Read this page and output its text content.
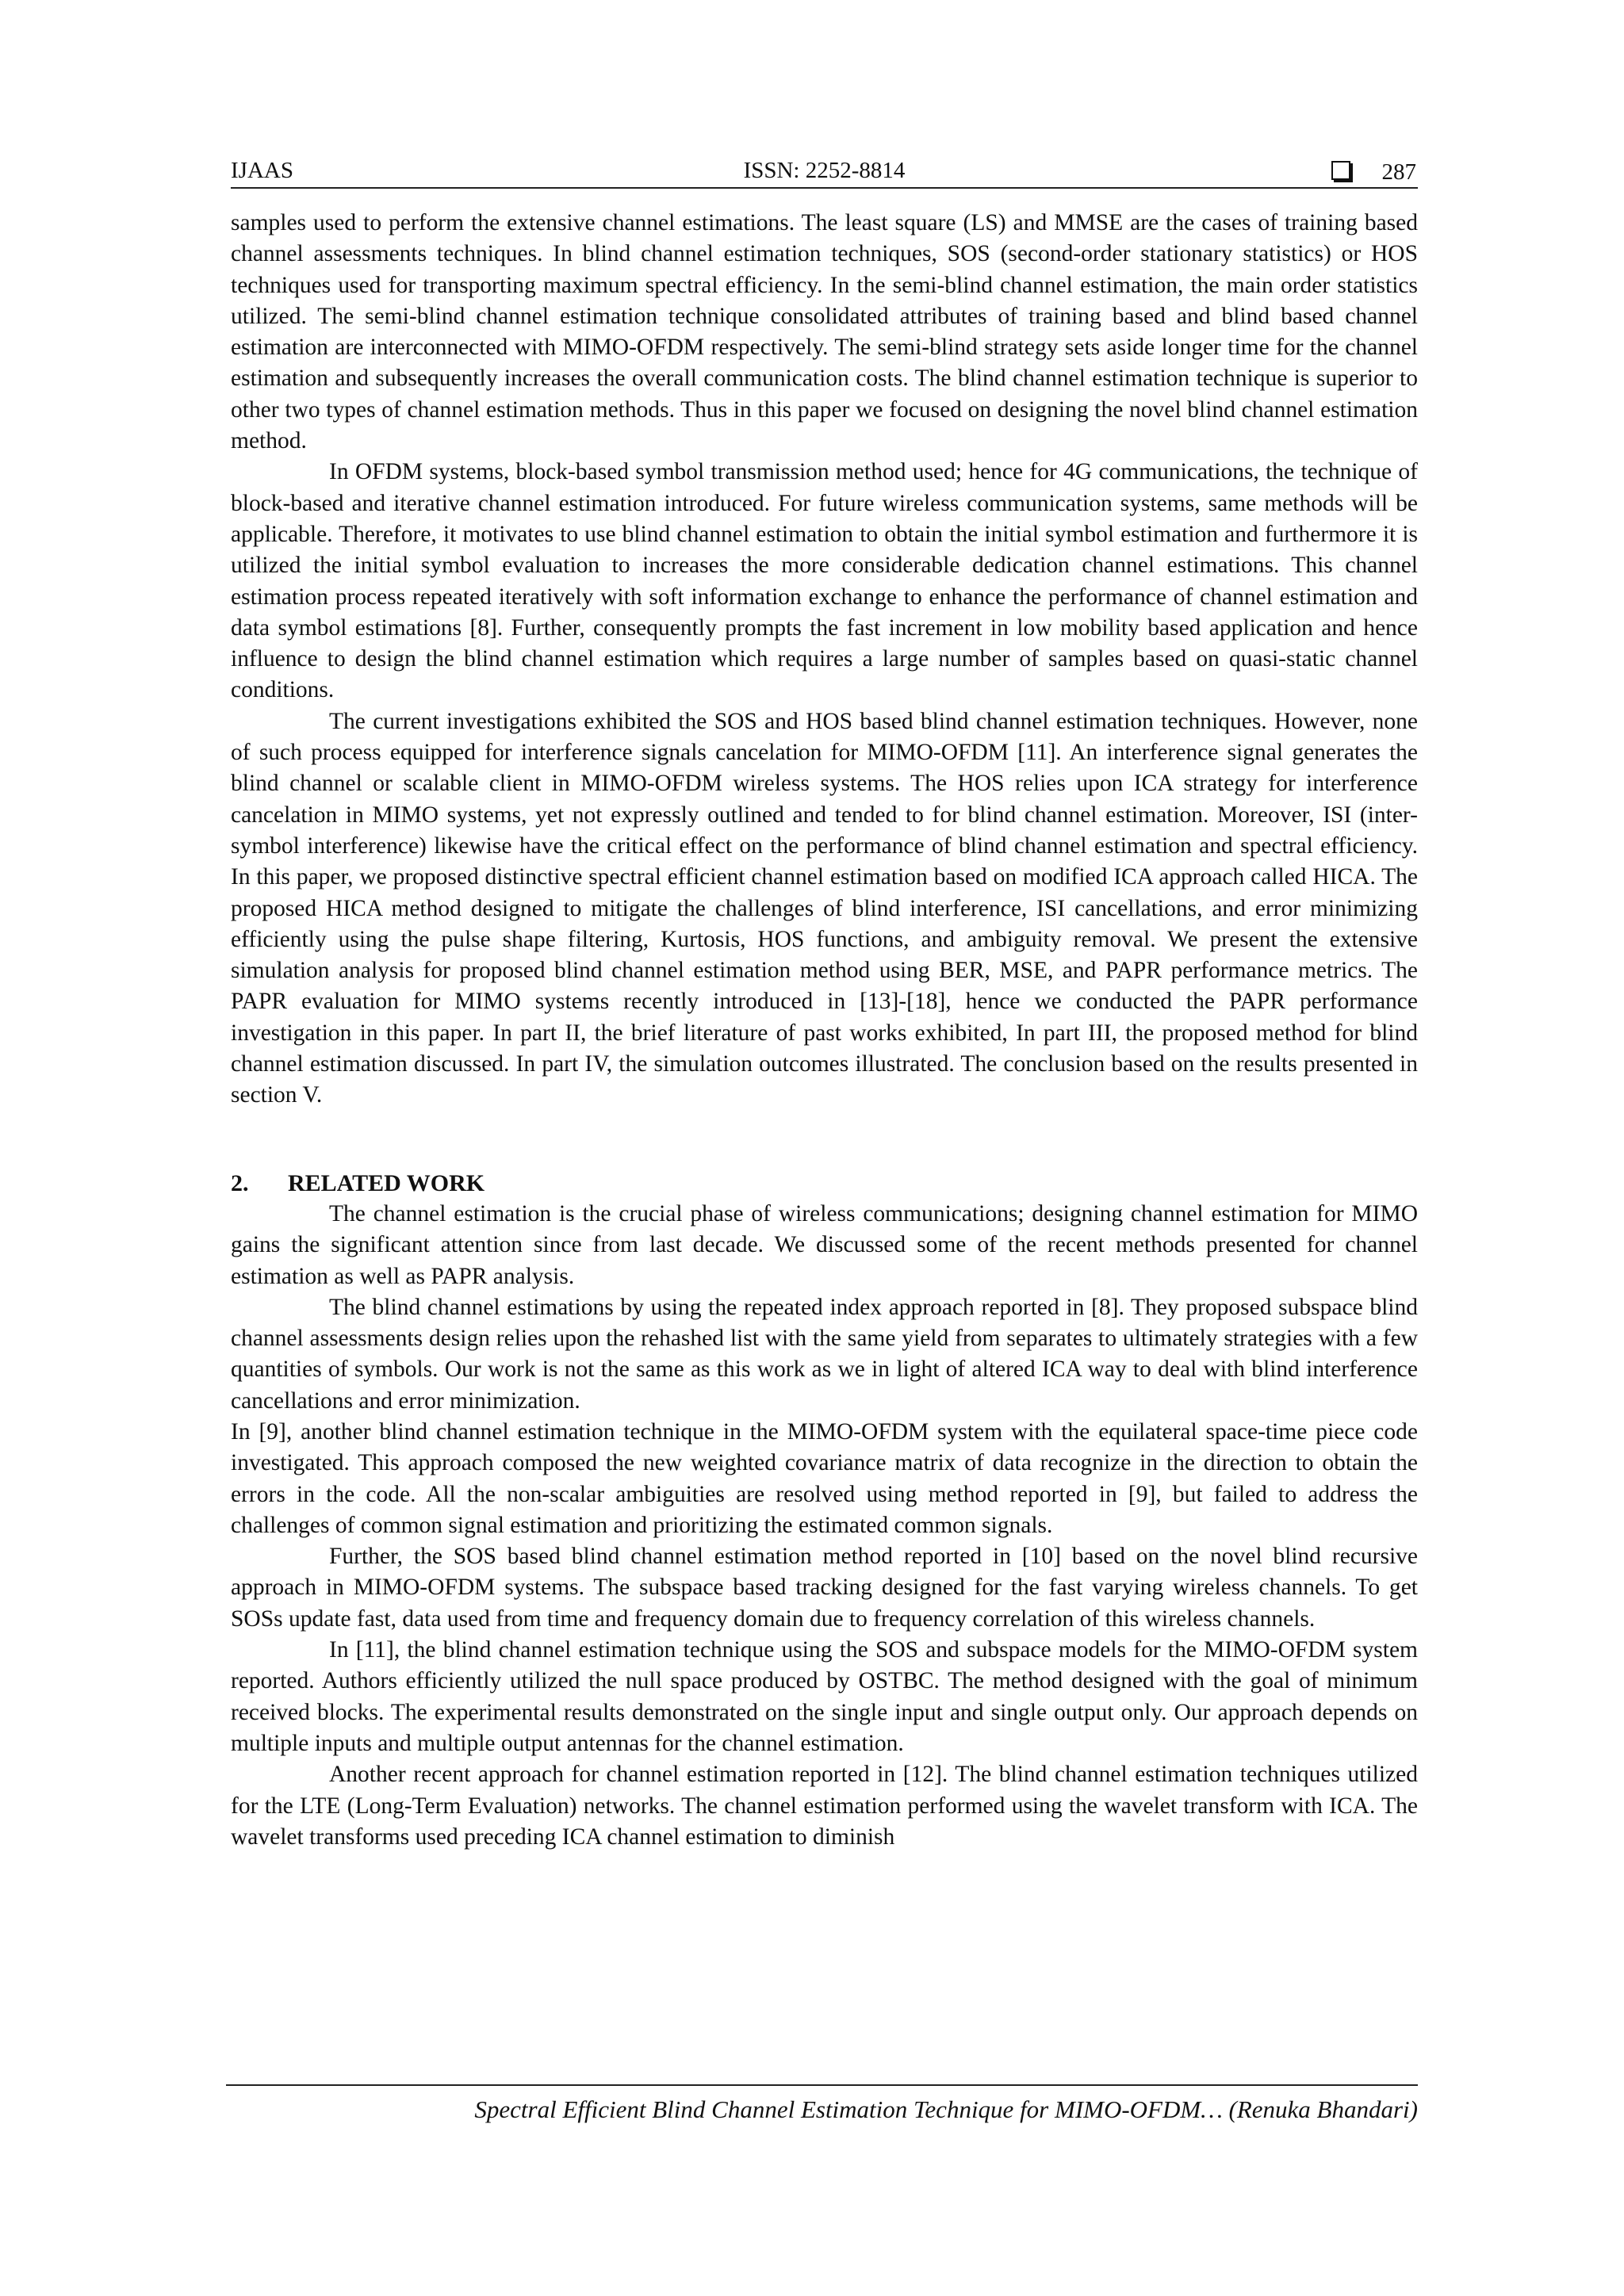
IJAAS	ISSN: 2252-8814	287

samples used to perform the extensive channel estimations. The least square (LS) and MMSE are the cases of training based channel assessments techniques. In blind channel estimation techniques, SOS (second-order stationary statistics) or HOS techniques used for transporting maximum spectral efficiency. In the semi-blind channel estimation, the main order statistics utilized. The semi-blind channel estimation technique consolidated attributes of training based and blind based channel estimation are interconnected with MIMO-OFDM respectively. The semi-blind strategy sets aside longer time for the channel estimation and subsequently increases the overall communication costs. The blind channel estimation technique is superior to other two types of channel estimation methods. Thus in this paper we focused on designing the novel blind channel estimation method.

In OFDM systems, block-based symbol transmission method used; hence for 4G communications, the technique of block-based and iterative channel estimation introduced. For future wireless communication systems, same methods will be applicable. Therefore, it motivates to use blind channel estimation to obtain the initial symbol estimation and furthermore it is utilized the initial symbol evaluation to increases the more considerable dedication channel estimations. This channel estimation process repeated iteratively with soft information exchange to enhance the performance of channel estimation and data symbol estimations [8]. Further, consequently prompts the fast increment in low mobility based application and hence influence to design the blind channel estimation which requires a large number of samples based on quasi-static channel conditions.

The current investigations exhibited the SOS and HOS based blind channel estimation techniques. However, none of such process equipped for interference signals cancelation for MIMO-OFDM [11]. An interference signal generates the blind channel or scalable client in MIMO-OFDM wireless systems. The HOS relies upon ICA strategy for interference cancelation in MIMO systems, yet not expressly outlined and tended to for blind channel estimation. Moreover, ISI (inter-symbol interference) likewise have the critical effect on the performance of blind channel estimation and spectral efficiency. In this paper, we proposed distinctive spectral efficient channel estimation based on modified ICA approach called HICA. The proposed HICA method designed to mitigate the challenges of blind interference, ISI cancellations, and error minimizing efficiently using the pulse shape filtering, Kurtosis, HOS functions, and ambiguity removal. We present the extensive simulation analysis for proposed blind channel estimation method using BER, MSE, and PAPR performance metrics. The PAPR evaluation for MIMO systems recently introduced in [13]-[18], hence we conducted the PAPR performance investigation in this paper. In part II, the brief literature of past works exhibited, In part III, the proposed method for blind channel estimation discussed. In part IV, the simulation outcomes illustrated. The conclusion based on the results presented in section V.

2. RELATED WORK

The channel estimation is the crucial phase of wireless communications; designing channel estimation for MIMO gains the significant attention since from last decade. We discussed some of the recent methods presented for channel estimation as well as PAPR analysis.

The blind channel estimations by using the repeated index approach reported in [8]. They proposed subspace blind channel assessments design relies upon the rehashed list with the same yield from separates to ultimately strategies with a few quantities of symbols. Our work is not the same as this work as we in light of altered ICA way to deal with blind interference cancellations and error minimization.

In [9], another blind channel estimation technique in the MIMO-OFDM system with the equilateral space-time piece code investigated. This approach composed the new weighted covariance matrix of data recognize in the direction to obtain the errors in the code. All the non-scalar ambiguities are resolved using method reported in [9], but failed to address the challenges of common signal estimation and prioritizing the estimated common signals.

Further, the SOS based blind channel estimation method reported in [10] based on the novel blind recursive approach in MIMO-OFDM systems. The subspace based tracking designed for the fast varying wireless channels. To get SOSs update fast, data used from time and frequency domain due to frequency correlation of this wireless channels.

In [11], the blind channel estimation technique using the SOS and subspace models for the MIMO-OFDM system reported. Authors efficiently utilized the null space produced by OSTBC. The method designed with the goal of minimum received blocks. The experimental results demonstrated on the single input and single output only. Our approach depends on multiple inputs and multiple output antennas for the channel estimation.

Another recent approach for channel estimation reported in [12]. The blind channel estimation techniques utilized for the LTE (Long-Term Evaluation) networks. The channel estimation performed using the wavelet transform with ICA. The wavelet transforms used preceding ICA channel estimation to diminish

Spectral Efficient Blind Channel Estimation Technique for MIMO-OFDM… (Renuka Bhandari)
